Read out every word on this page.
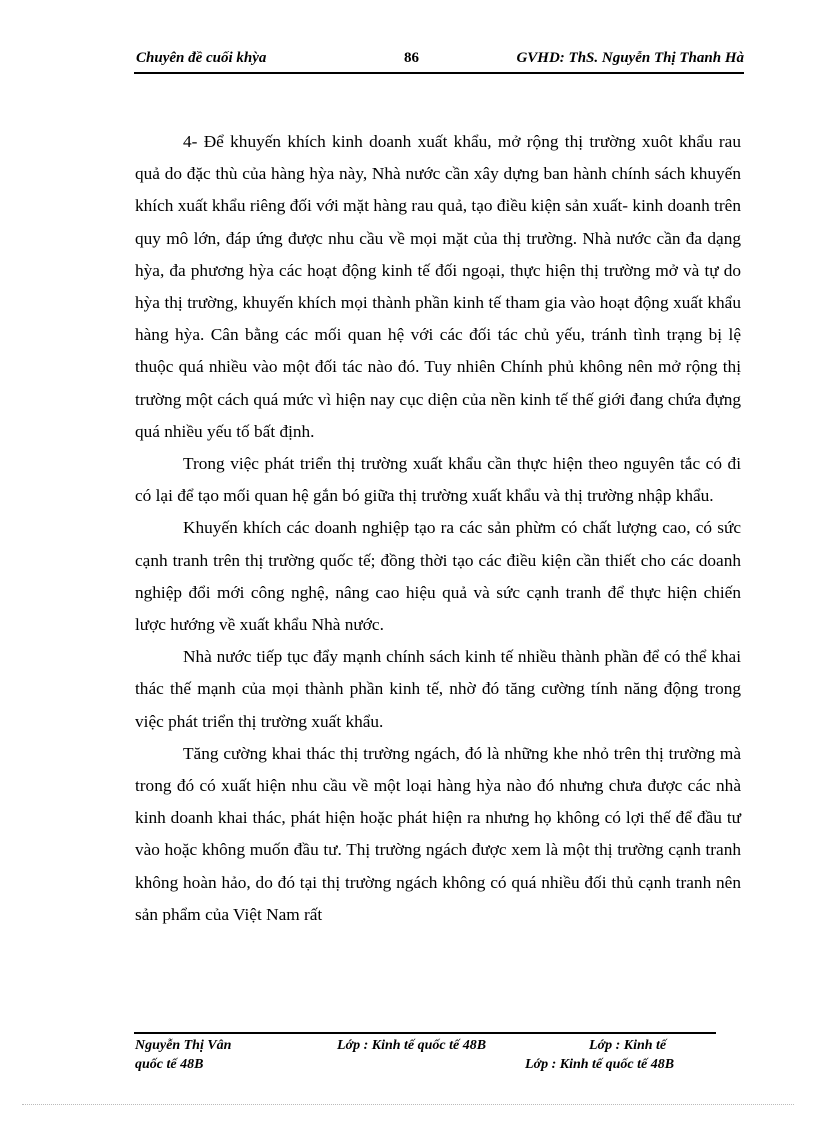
Chuyên đề cuối khỳa	86	GVHD: ThS. Nguyễn Thị Thanh Hà

4- Để khuyến khích kinh doanh xuất khẩu, mở rộng thị trường xuôt khẩu rau quả do đặc thù của hàng hỳa này, Nhà nước cần xây dựng ban hành chính sách khuyến khích xuất khẩu riêng đối với mặt hàng rau quả, tạo điều kiện sản xuất- kinh doanh trên quy mô lớn, đáp ứng được nhu cầu về mọi mặt của thị trường. Nhà nước cần đa dạng hỳa, đa phương hỳa các hoạt động kinh tế đối ngoại, thực hiện thị trường mở và tự do hỳa thị trường, khuyến khích mọi thành phần kinh tế tham gia vào hoạt động xuất khẩu hàng hỳa. Cân bằng các mối quan hệ với các đối tác chủ yếu, tránh tình trạng bị lệ thuộc quá nhiều vào một đối tác nào đó. Tuy nhiên Chính phủ không nên mở rộng thị trường một cách quá mức vì hiện nay cục diện của nền kinh tế thế giới đang chứa đựng quá nhiều yếu tố bất định.

Trong việc phát triển thị trường xuất khẩu cần thực hiện theo nguyên tắc có đi có lại để tạo mối quan hệ gắn bó giữa thị trường xuất khẩu và thị trường nhập khẩu.

Khuyến khích các doanh nghiệp tạo ra các sản phừm có chất lượng cao, có sức cạnh tranh trên thị trường quốc tế; đồng thời tạo các điều kiện cần thiết cho các doanh nghiệp đổi mới công nghệ, nâng cao hiệu quả và sức cạnh tranh để thực hiện chiến lược hướng về xuất khẩu Nhà nước.

Nhà nước tiếp tục đẩy mạnh chính sách kinh tế nhiều thành phần để có thể khai thác thế mạnh của mọi thành phần kinh tế, nhờ đó tăng cường tính năng động trong việc phát triển thị trường xuất khẩu.

Tăng cường khai thác thị trường ngách, đó là những khe nhỏ trên thị trường mà trong đó có xuất hiện nhu cầu về một loại hàng hỳa nào đó nhưng chưa được các nhà kinh doanh khai thác, phát hiện hoặc phát hiện ra nhưng họ không có lợi thế để đầu tư vào hoặc không muốn đầu tư. Thị trường ngách được xem là một thị trường cạnh tranh không hoàn hảo, do đó tại thị trường ngách không có quá nhiều đối thủ cạnh tranh nên sản phẩm của Việt Nam rất

Nguyễn Thị Vân	Lớp : Kinh tế quốc tế 48B	Lớp : Kinh tế
quốc tế 48B	Lớp : Kinh tế quốc tế 48B
